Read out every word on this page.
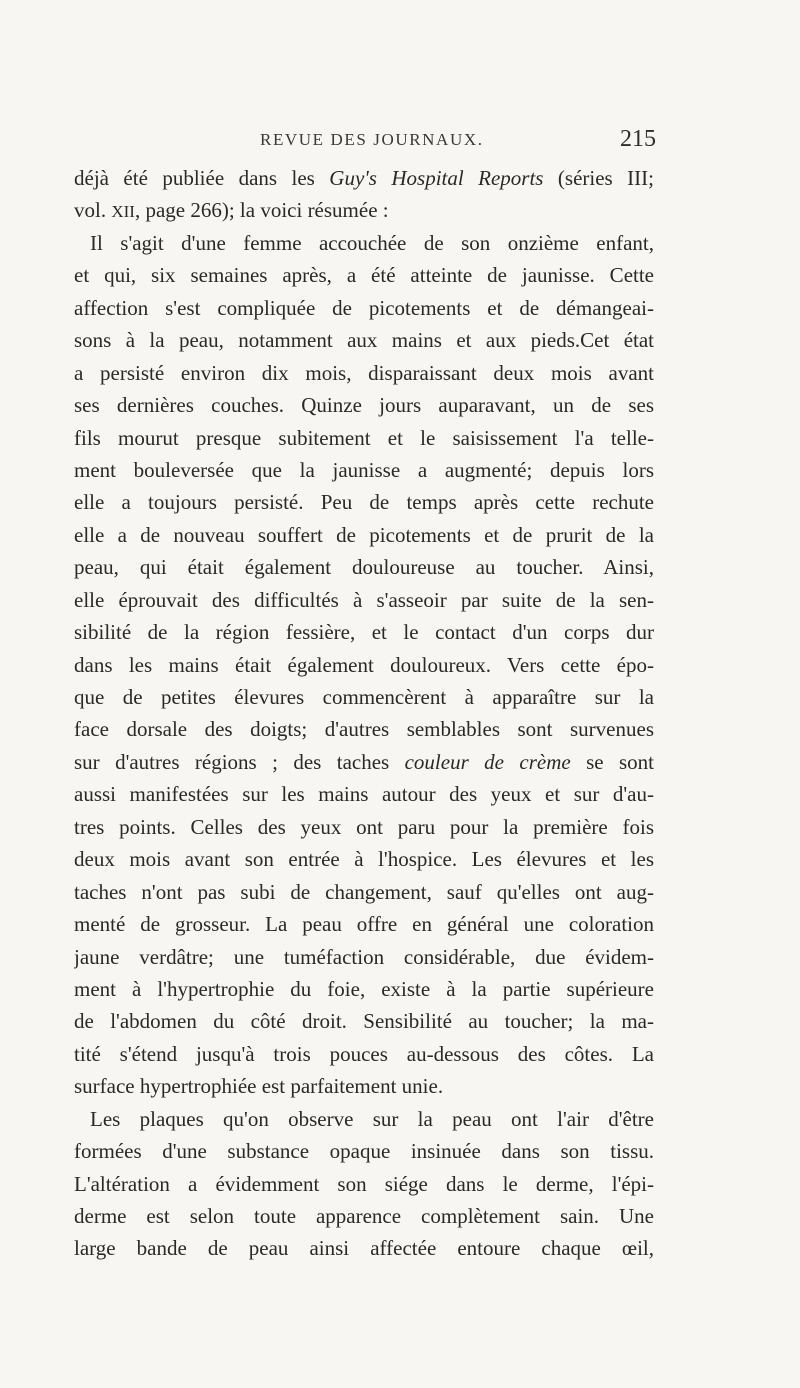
REVUE DES JOURNAUX.	215
déjà été publiée dans les Guy's Hospital Reports (séries III;
vol. XII, page 266); la voici résumée :
Il s'agit d'une femme accouchée de son onzième enfant,
et qui, six semaines après, a été atteinte de jaunisse. Cette
affection s'est compliquée de picotements et de démangeai-
sons à la peau, notamment aux mains et aux pieds.Cet état
a persisté environ dix mois, disparaissant deux mois avant
ses dernières couches. Quinze jours auparavant, un de ses
fils mourut presque subitement et le saisissement l'a telle-
ment bouleversée que la jaunisse a augmenté; depuis lors
elle a toujours persisté. Peu de temps après cette rechute
elle a de nouveau souffert de picotements et de prurit de la
peau, qui était également douloureuse au toucher. Ainsi,
elle éprouvait des difficultés à s'asseoir par suite de la sen-
sibilité de la région fessière, et le contact d'un corps dur
dans les mains était également douloureux. Vers cette épo-
que de petites élevures commencèrent à apparaître sur la
face dorsale des doigts; d'autres semblables sont survenues
sur d'autres régions ; des taches couleur de crème se sont
aussi manifestées sur les mains autour des yeux et sur d'au-
tres points. Celles des yeux ont paru pour la première fois
deux mois avant son entrée à l'hospice. Les élevures et les
taches n'ont pas subi de changement, sauf qu'elles ont aug-
menté de grosseur. La peau offre en général une coloration
jaune verdâtre; une tuméfaction considérable, due évidem-
ment à l'hypertrophie du foie, existe à la partie supérieure
de l'abdomen du côté droit. Sensibilité au toucher; la ma-
tité s'étend jusqu'à trois pouces au-dessous des côtes. La
surface hypertrophiée est parfaitement unie.
Les plaques qu'on observe sur la peau ont l'air d'être
formées d'une substance opaque insinuée dans son tissu.
L'altération a évidemment son siége dans le derme, l'épi-
derme est selon toute apparence complètement sain. Une
large bande de peau ainsi affectée entoure chaque œil,
